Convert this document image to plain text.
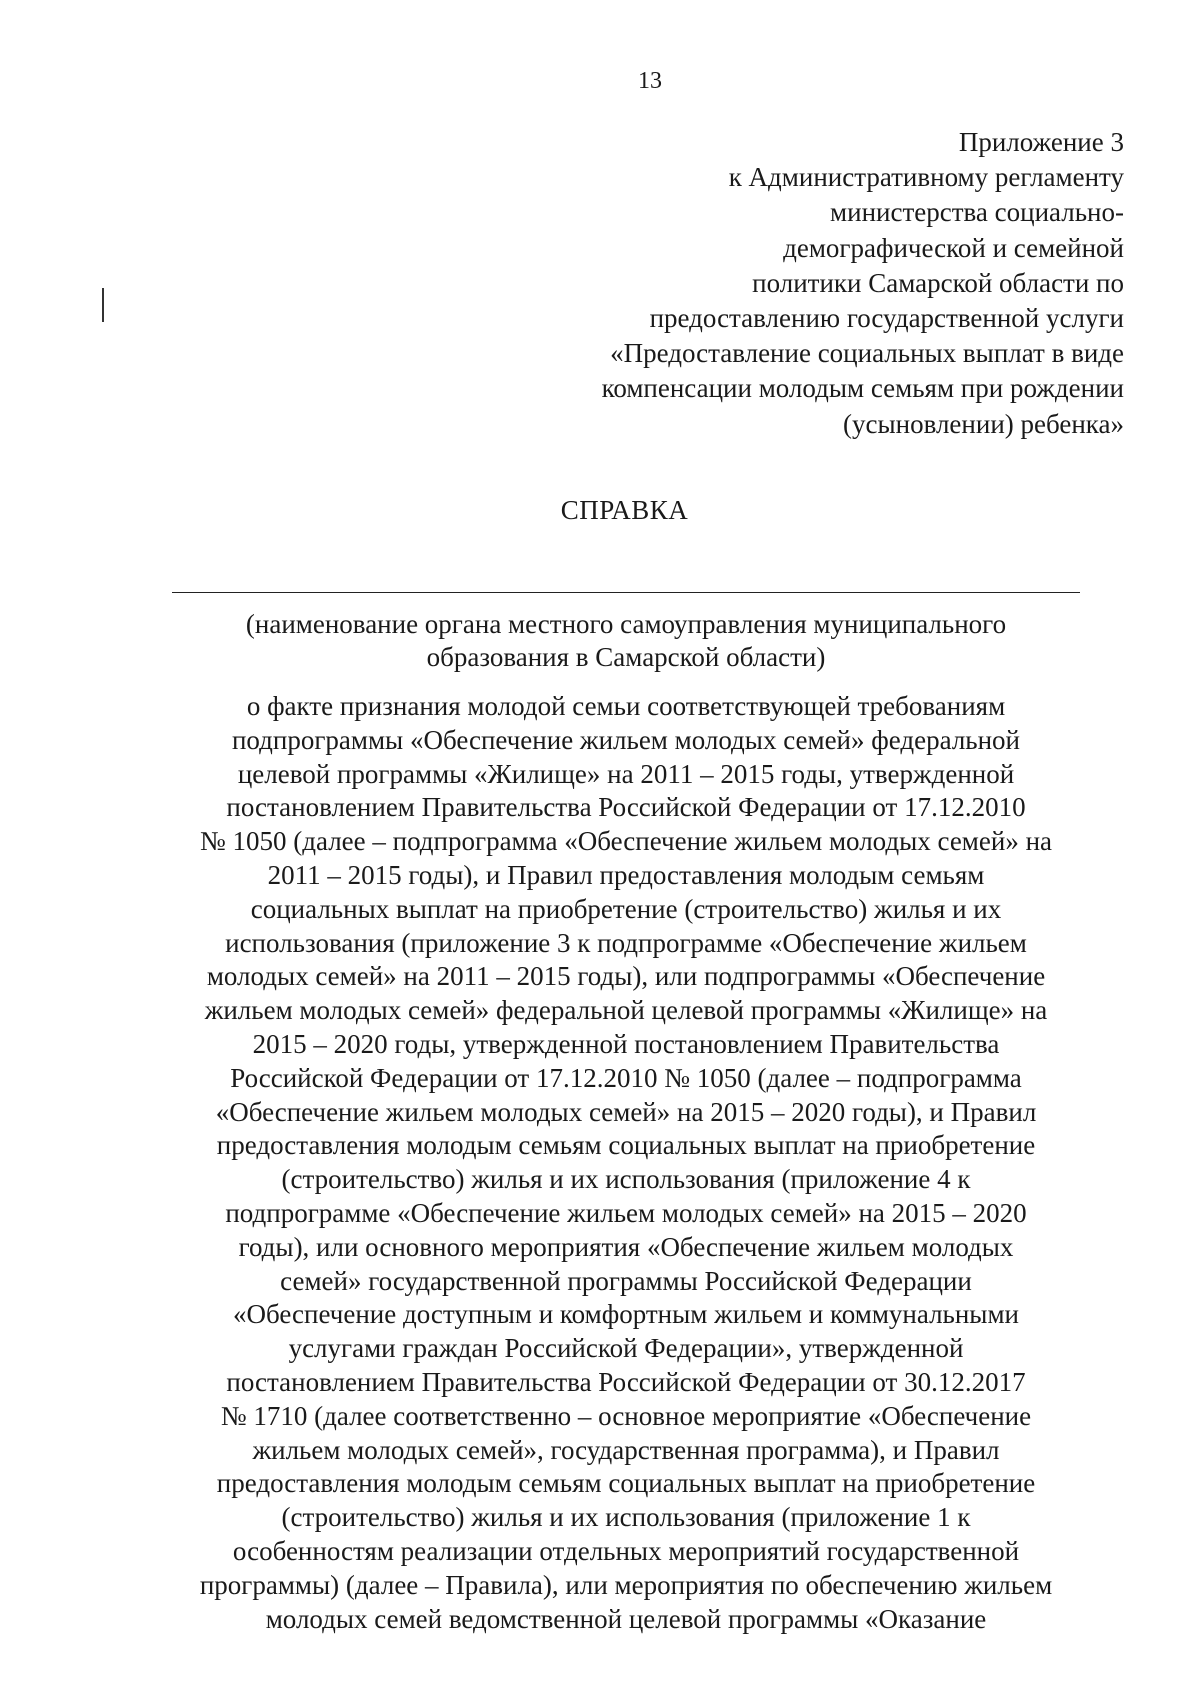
13
Приложение 3
к Административному регламенту
министерства социально-
демографической и семейной
политики Самарской области по
предоставлению государственной услуги
«Предоставление социальных выплат в виде
компенсации молодым семьям при рождении
(усыновлении) ребенка»
СПРАВКА
(наименование органа местного самоуправления муниципального
образования в Самарской области)
о факте признания молодой семьи соответствующей требованиям
подпрограммы «Обеспечение жильем молодых семей» федеральной
целевой программы «Жилище» на 2011 – 2015 годы, утвержденной
постановлением Правительства Российской Федерации от 17.12.2010
№ 1050 (далее – подпрограмма «Обеспечение жильем молодых семей» на
2011 – 2015 годы), и Правил предоставления молодым семьям
социальных выплат на приобретение (строительство) жилья и их
использования (приложение 3 к подпрограмме «Обеспечение жильем
молодых семей» на 2011 – 2015 годы), или подпрограммы «Обеспечение
жильем молодых семей» федеральной целевой программы «Жилище» на
2015 – 2020 годы, утвержденной постановлением Правительства
Российской Федерации от 17.12.2010 № 1050 (далее – подпрограмма
«Обеспечение жильем молодых семей» на 2015 – 2020 годы), и Правил
предоставления молодым семьям социальных выплат на приобретение
(строительство) жилья и их использования (приложение 4 к
подпрограмме «Обеспечение жильем молодых семей» на 2015 – 2020
годы), или основного мероприятия «Обеспечение жильем молодых
семей» государственной программы Российской Федерации
«Обеспечение доступным и комфортным жильем и коммунальными
услугами граждан Российской Федерации», утвержденной
постановлением Правительства Российской Федерации от 30.12.2017
№ 1710 (далее соответственно – основное мероприятие «Обеспечение
жильем молодых семей», государственная программа), и Правил
предоставления молодым семьям социальных выплат на приобретение
(строительство) жилья и их использования (приложение 1 к
особенностям реализации отдельных мероприятий государственной
программы) (далее – Правила), или мероприятия по обеспечению жильем
молодых семей ведомственной целевой программы «Оказание
